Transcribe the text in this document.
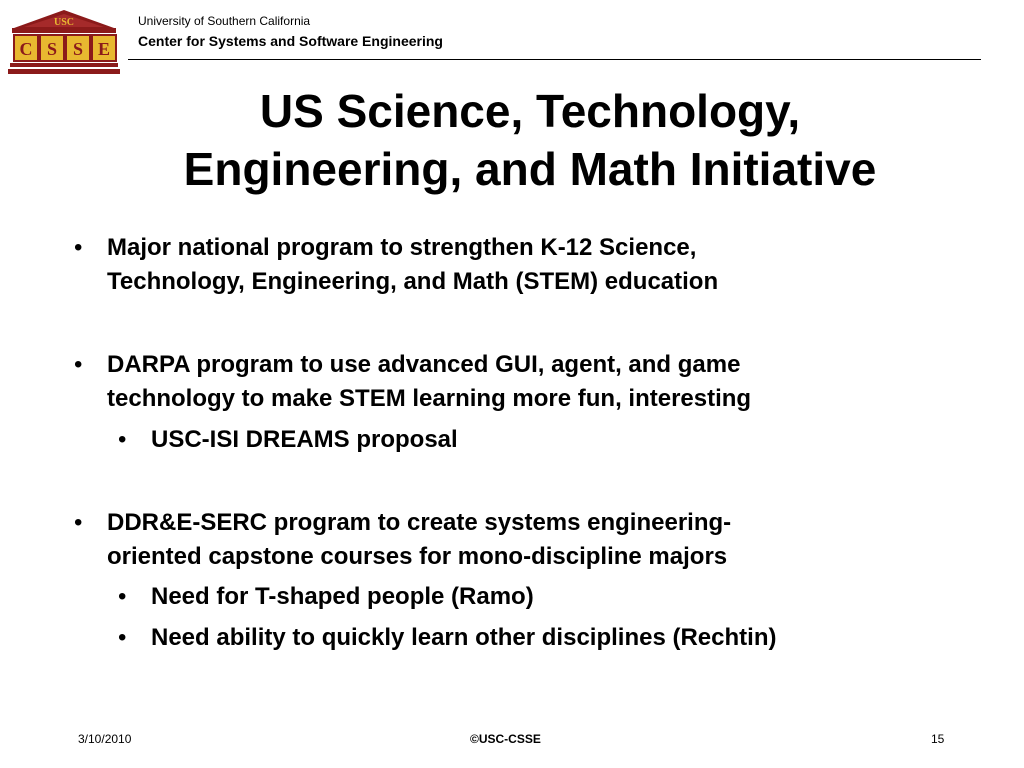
USC
C S S E
University of Southern California
Center for Systems and Software Engineering
US Science, Technology,
Engineering, and Math Initiative
• Major national program to strengthen K-12 Science,
Technology, Engineering, and Math (STEM) education
• DARPA program to use advanced GUI, agent, and game
technology to make STEM learning more fun, interesting
• USC-ISI DREAMS proposal
• DDR&E-SERC program to create systems engineering-
oriented capstone courses for mono-discipline majors
• Need for T-shaped people (Ramo)
• Need ability to quickly learn other disciplines (Rechtin)
3/10/2010	©USC-CSSE	15
